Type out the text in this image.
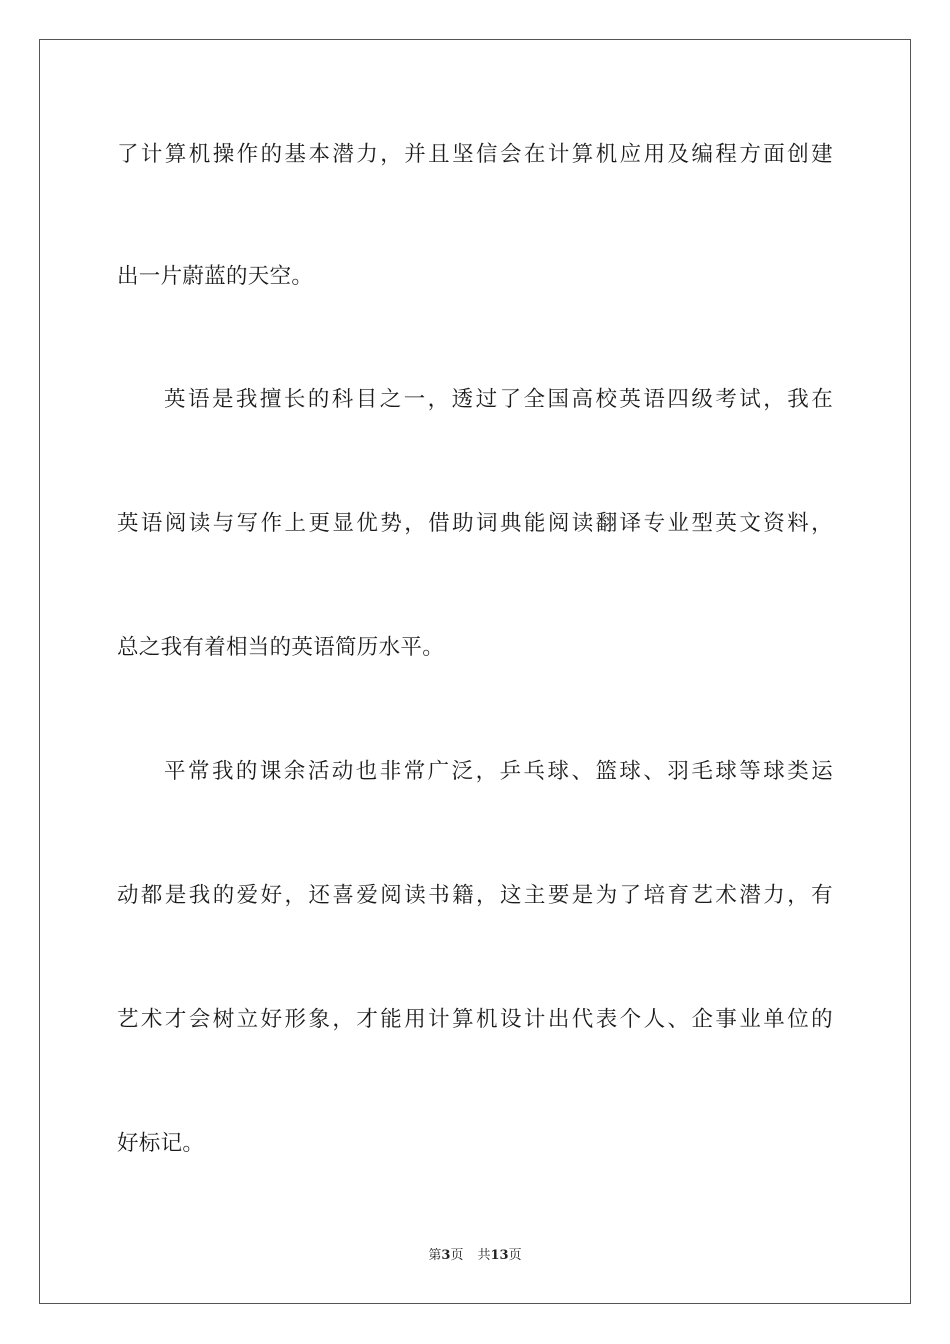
了计算机操作的基本潜力，并且坚信会在计算机应用及编程方面创建
出一片蔚蓝的天空。
英语是我擅长的科目之一，透过了全国高校英语四级考试，我在
英语阅读与写作上更显优势，借助词典能阅读翻译专业型英文资料，
总之我有着相当的英语简历水平。
平常我的课余活动也非常广泛，乒乓球、篮球、羽毛球等球类运
动都是我的爱好，还喜爱阅读书籍，这主要是为了培育艺术潜力，有
艺术才会树立好形象，才能用计算机设计出代表个人、企事业单位的
好标记。
第3页 共13页
